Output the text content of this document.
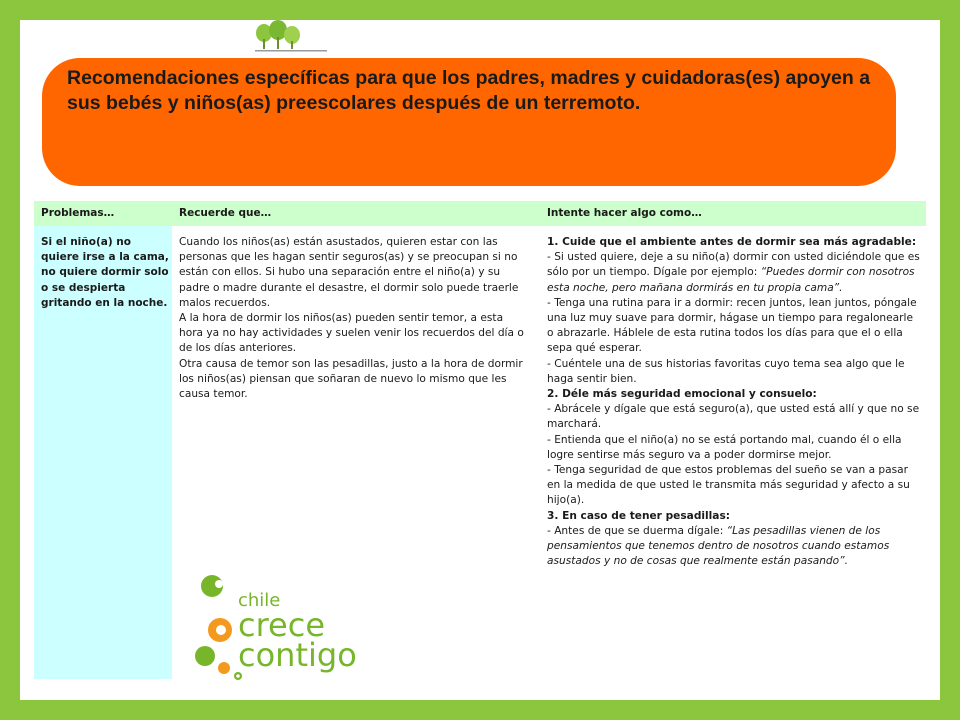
Recomendaciones específicas para que los padres, madres y cuidadoras(es) apoyen a sus bebés y niños(as) preescolares después de un terremoto.

Problemas…	Recuerde que…	Intente hacer algo como…
Si el niño(a) no quiere irse a la cama, no quiere dormir solo o se despierta gritando en la noche.

Cuando los niños(as) están asustados, quieren estar con las personas que les hagan sentir seguros(as) y se preocupan si no están con ellos. Si hubo una separación entre el niño(a) y su padre o madre durante el desastre, el dormir solo puede traerle malos recuerdos.

A la hora de dormir los niños(as) pueden sentir temor, a esta hora ya no hay actividades y suelen venir los recuerdos del día o de los días anteriores.

Otra causa de temor son las pesadillas, justo a la hora de dormir los niños(as) piensan que soñaran de nuevo lo mismo que les causa temor.

1. Cuide que el ambiente antes de dormir sea más agradable:

- Si usted quiere, deje a su niño(a) dormir con usted diciéndole que es sólo por un tiempo. Dígale por ejemplo: “Puedes dormir con nosotros esta noche, pero mañana dormirás en tu propia cama”.

- Tenga una rutina para ir a dormir: recen juntos, lean juntos, póngale una luz muy suave para dormir, hágase un tiempo para regalonearle o abrazarle. Háblele de esta rutina todos los días para que el o ella sepa qué esperar.

- Cuéntele una de sus historias favoritas cuyo tema sea algo que le haga sentir bien.

2. Déle más seguridad emocional y consuelo:

- Abrácele y dígale que está seguro(a), que usted está allí y que no se marchará.

- Entienda que el niño(a) no se está portando mal, cuando él o ella logre sentirse más seguro va a poder dormirse mejor.

- Tenga seguridad de que estos problemas del sueño se van a pasar en la medida de que usted le transmita más seguridad y afecto a su hijo(a).

3. En caso de tener pesadillas:

- Antes de que se duerma dígale: “Las pesadillas vienen de los pensamientos que tenemos dentro de nosotros cuando estamos asustados y no de cosas que realmente están pasando”.

chile
crece
contigo
